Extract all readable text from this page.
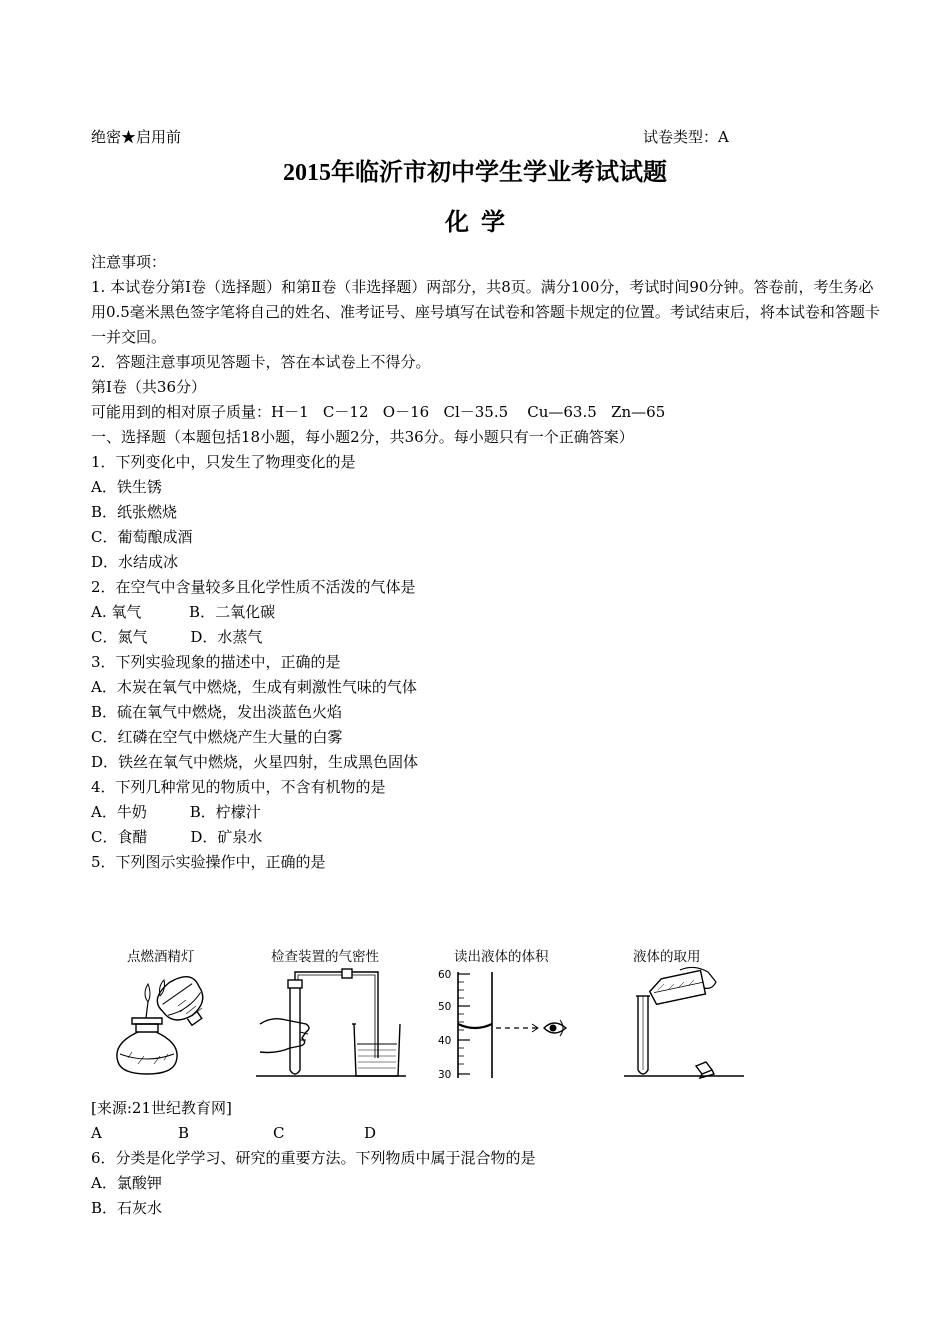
绝密★启用前	试卷类型：A
2015年临沂市初中学生学业考试试题
化  学
注意事项：
1. 本试卷分第Ⅰ卷（选择题）和第Ⅱ卷（非选择题）两部分，共8页。满分100分，考试时间90分钟。答卷前，考生务必用0.5毫米黑色签字笔将自己的姓名、准考证号、座号填写在试卷和答题卡规定的位置。考试结束后，将本试卷和答题卡一并交回。
2．答题注意事项见答题卡，答在本试卷上不得分。
第Ⅰ卷（共36分）
可能用到的相对原子质量：H－1   C－12   O－16   Cl－35.5    Cu—63.5   Zn—65
一、选择题（本题包括18小题，每小题2分，共36分。每小题只有一个正确答案）
1．下列变化中，只发生了物理变化的是
A．铁生锈
B．纸张燃烧
C．葡萄酿成酒
D．水结成冰
2．在空气中含量较多且化学性质不活泼的气体是
A. 氧气          B．二氧化碳
C．氮气         D．水蒸气
3．下列实验现象的描述中，正确的是
A．木炭在氧气中燃烧，生成有刺激性气味的气体
B．硫在氧气中燃烧，发出淡蓝色火焰
C．红磷在空气中燃烧产生大量的白雾
D．铁丝在氧气中燃烧，火星四射，生成黑色固体
4．下列几种常见的物质中，不含有机物的是
A．牛奶         B．柠檬汁
C．食醋         D．矿泉水
5．下列图示实验操作中，正确的是
点燃酒精灯	检查装置的气密性	读出液体的体积	液体的取用
60
50
40
30
[来源:21世纪教育网]
A	B	C	D
6．分类是化学学习、研究的重要方法。下列物质中属于混合物的是
A．氯酸钾
B．石灰水
